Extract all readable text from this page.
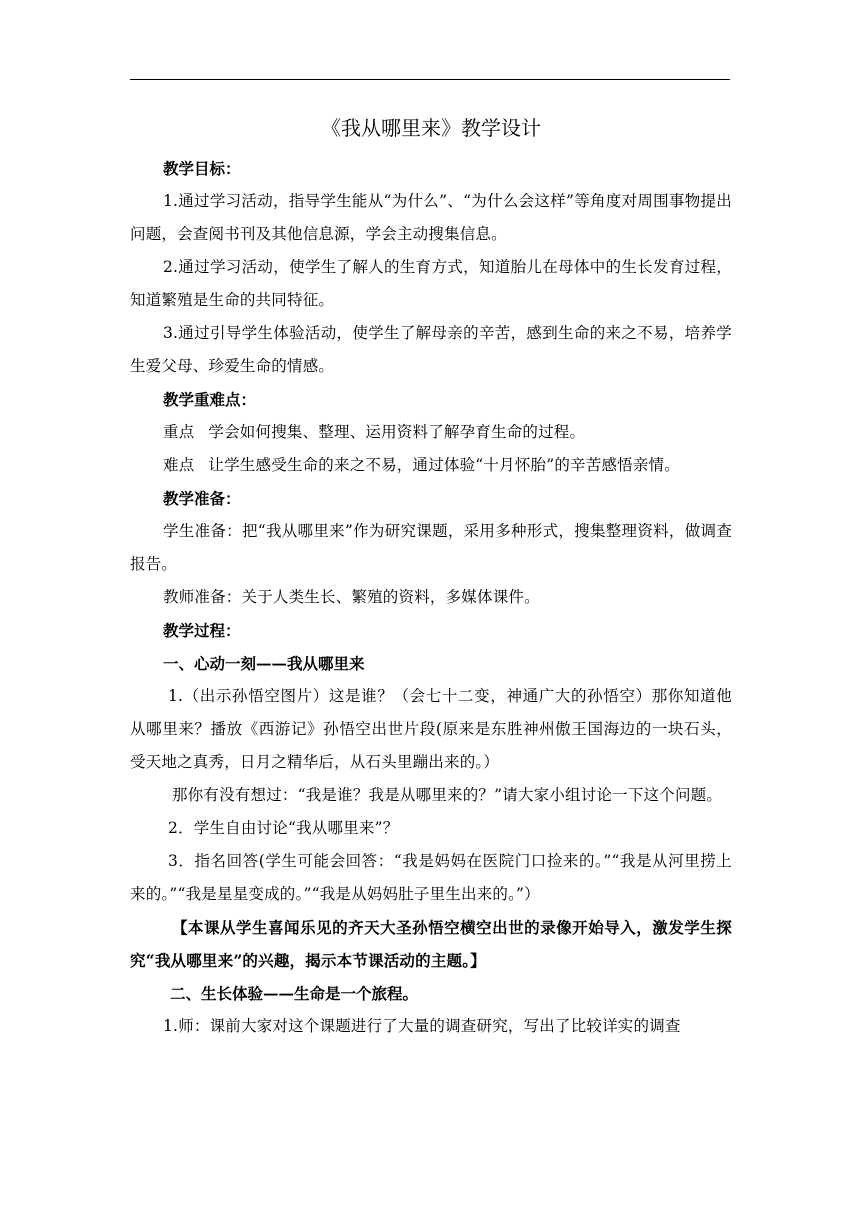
《我从哪里来》教学设计

教学目标：

1.通过学习活动，指导学生能从“为什么”、“为什么会这样”等角度对周围事物提出问题，会查阅书刊及其他信息源，学会主动搜集信息。

2.通过学习活动，使学生了解人的生育方式，知道胎儿在母体中的生长发育过程，知道繁殖是生命的共同特征。

3.通过引导学生体验活动，使学生了解母亲的辛苦，感到生命的来之不易，培养学生爱父母、珍爱生命的情感。

教学重难点：

重点 学会如何搜集、整理、运用资料了解孕育生命的过程。

难点 让学生感受生命的来之不易，通过体验“十月怀胎”的辛苦感悟亲情。

教学准备：

学生准备：把“我从哪里来”作为研究课题，采用多种形式，搜集整理资料，做调查报告。

教师准备：关于人类生长、繁殖的资料，多媒体课件。

教学过程：

一、心动一刻——我从哪里来

1.（出示孙悟空图片）这是谁？（会七十二变，神通广大的孙悟空）那你知道他从哪里来？播放《西游记》孙悟空出世片段(原来是东胜神州傲王国海边的一块石头，受天地之真秀，日月之精华后，从石头里蹦出来的。）

那你有没有想过：“我是谁？我是从哪里来的？”请大家小组讨论一下这个问题。

2．学生自由讨论“我从哪里来”？

3．指名回答(学生可能会回答：“我是妈妈在医院门口捡来的。”“我是从河里捞上来的。”“我是星星变成的。”“我是从妈妈肚子里生出来的。”）

【本课从学生喜闻乐见的齐天大圣孙悟空横空出世的录像开始导入，激发学生探究“我从哪里来”的兴趣，揭示本节课活动的主题。】

二、生长体验——生命是一个旅程。

1.师：课前大家对这个课题进行了大量的调查研究，写出了比较详实的调查
